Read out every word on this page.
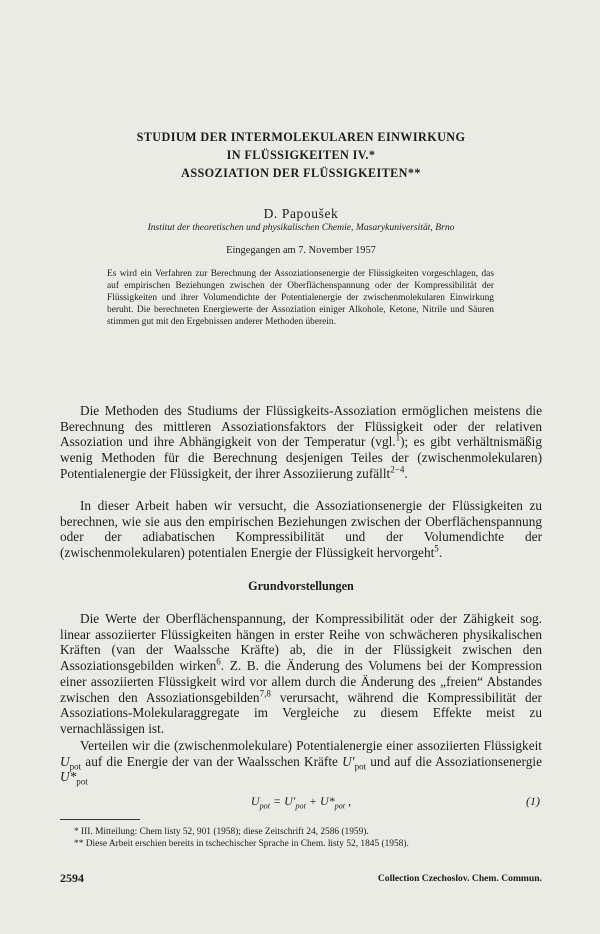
STUDIUM DER INTERMOLEKULAREN EINWIRKUNG
IN FLÜSSIGKEITEN IV.*
ASSOZIATION DER FLÜSSIGKEITEN**
D. Papoušek
Institut der theoretischen und physikalischen Chemie, Masarykuniversität, Brno
Eingegangen am 7. November 1957
Es wird ein Verfahren zur Berechnung der Assoziationsenergie der Flüssigkeiten vorgeschlagen, das auf empirischen Beziehungen zwischen der Oberflächenspannung oder der Kompressibilität der Flüssigkeiten und ihrer Volumendichte der Potentialenergie der zwischenmolekularen Einwirkung beruht. Die berechneten Energiewerte der Assoziation einiger Alkohole, Ketone, Nitrile und Säuren stimmen gut mit den Ergebnissen anderer Methoden überein.

Die Methoden des Studiums der Flüssigkeits-Assoziation ermöglichen meistens die Berechnung des mittleren Assoziationsfaktors der Flüssigkeit oder der relativen Assoziation und ihre Abhängigkeit von der Temperatur (vgl.$^1$); es gibt verhältnismäßig wenig Methoden für die Berechnung desjenigen Teiles der (zwischenmolekularen) Potentialenergie der Flüssigkeit, der ihrer Assoziierung zufällt$^{2-4}$.

In dieser Arbeit haben wir versucht, die Assoziationsenergie der Flüssigkeiten zu berechnen, wie sie aus den empirischen Beziehungen zwischen der Oberflächenspannung oder der adiabatischen Kompressibilität und der Volumendichte der (zwischenmolekularen) potentialen Energie der Flüssigkeit hervorgeht$^5$.

Grundvorstellungen

Die Werte der Oberflächenspannung, der Kompressibilität oder der Zähigkeit sog. linear assoziierter Flüssigkeiten hängen in erster Reihe von schwächeren physikalischen Kräften (van der Waalssche Kräfte) ab, die in der Flüssigkeit zwischen den Assoziationsgebilden wirken$^6$. Z. B. die Änderung des Volumens bei der Kompression einer assoziierten Flüssigkeit wird vor allem durch die Änderung des „freien“ Abstandes zwischen den Assoziationsgebilden$^{7,8}$ verursacht, während die Kompressibilität der Assoziations-Molekularaggregate im Vergleiche zu diesem Effekte meist zu vernachlässigen ist.

Verteilen wir die (zwischenmolekulare) Potentialenergie einer assoziierten Flüssigkeit $U_{pot}$ auf die Energie der van der Waalsschen Kräfte $U'_{pot}$ und auf die Assoziationsenergie $U*_{pot}$

$U_{pot} = U'_{pot} + U*_{pot}$ ,	(1)
* III. Mitteilung: Chem listy 52, 901 (1958); diese Zeitschrift 24, 2586 (1959).
** Diese Arbeit erschien bereits in tschechischer Sprache in Chem. listy 52, 1845 (1958).
2594	Collection Czechoslov. Chem. Commun.
